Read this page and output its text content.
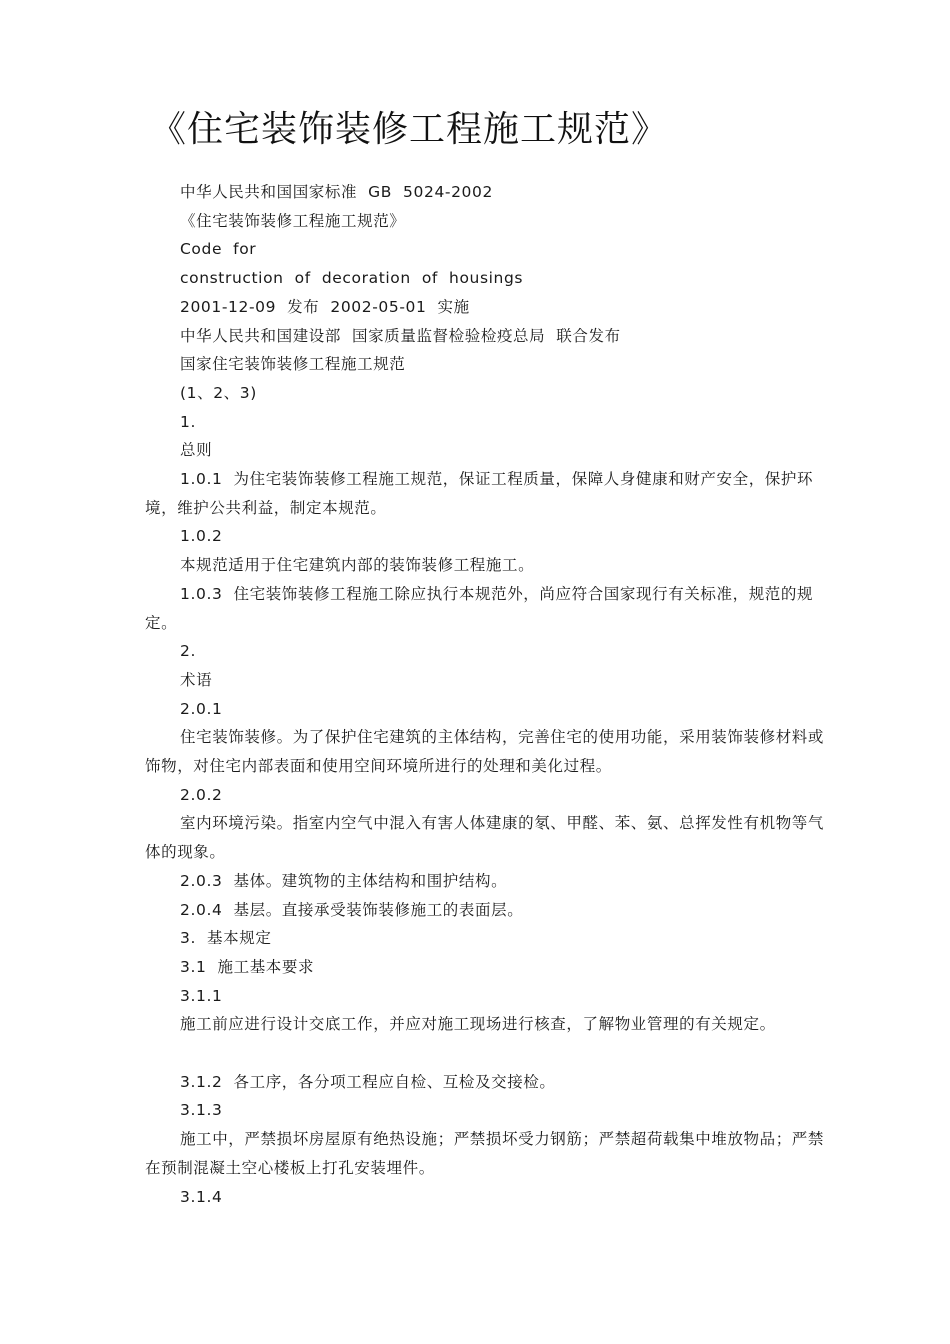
《住宅装饰装修工程施工规范》

中华人民共和国国家标准  GB  5024-2002

《住宅装饰装修工程施工规范》

Code  for

construction  of  decoration  of  housings

2001-12-09  发布  2002-05-01  实施

中华人民共和国建设部  国家质量监督检验检疫总局  联合发布

国家住宅装饰装修工程施工规范

(1、2、3)

1.

总则

1.0.1  为住宅装饰装修工程施工规范，保证工程质量，保障人身健康和财产安全，保护环境，维护公共利益，制定本规范。

1.0.2

本规范适用于住宅建筑内部的装饰装修工程施工。

1.0.3  住宅装饰装修工程施工除应执行本规范外，尚应符合国家现行有关标准，规范的规定。

2.

术语

2.0.1

住宅装饰装修。为了保护住宅建筑的主体结构，完善住宅的使用功能，采用装饰装修材料或饰物，对住宅内部表面和使用空间环境所进行的处理和美化过程。

2.0.2

室内环境污染。指室内空气中混入有害人体建康的氡、甲醛、苯、氨、总挥发性有机物等气体的现象。

2.0.3  基体。建筑物的主体结构和围护结构。

2.0.4  基层。直接承受装饰装修施工的表面层。

3.  基本规定

3.1  施工基本要求

3.1.1

施工前应进行设计交底工作，并应对施工现场进行核查，了解物业管理的有关规定。

3.1.2  各工序，各分项工程应自检、互检及交接检。

3.1.3

施工中，严禁损坏房屋原有绝热设施；严禁损坏受力钢筋；严禁超荷载集中堆放物品；严禁在预制混凝土空心楼板上打孔安装埋件。

3.1.4
